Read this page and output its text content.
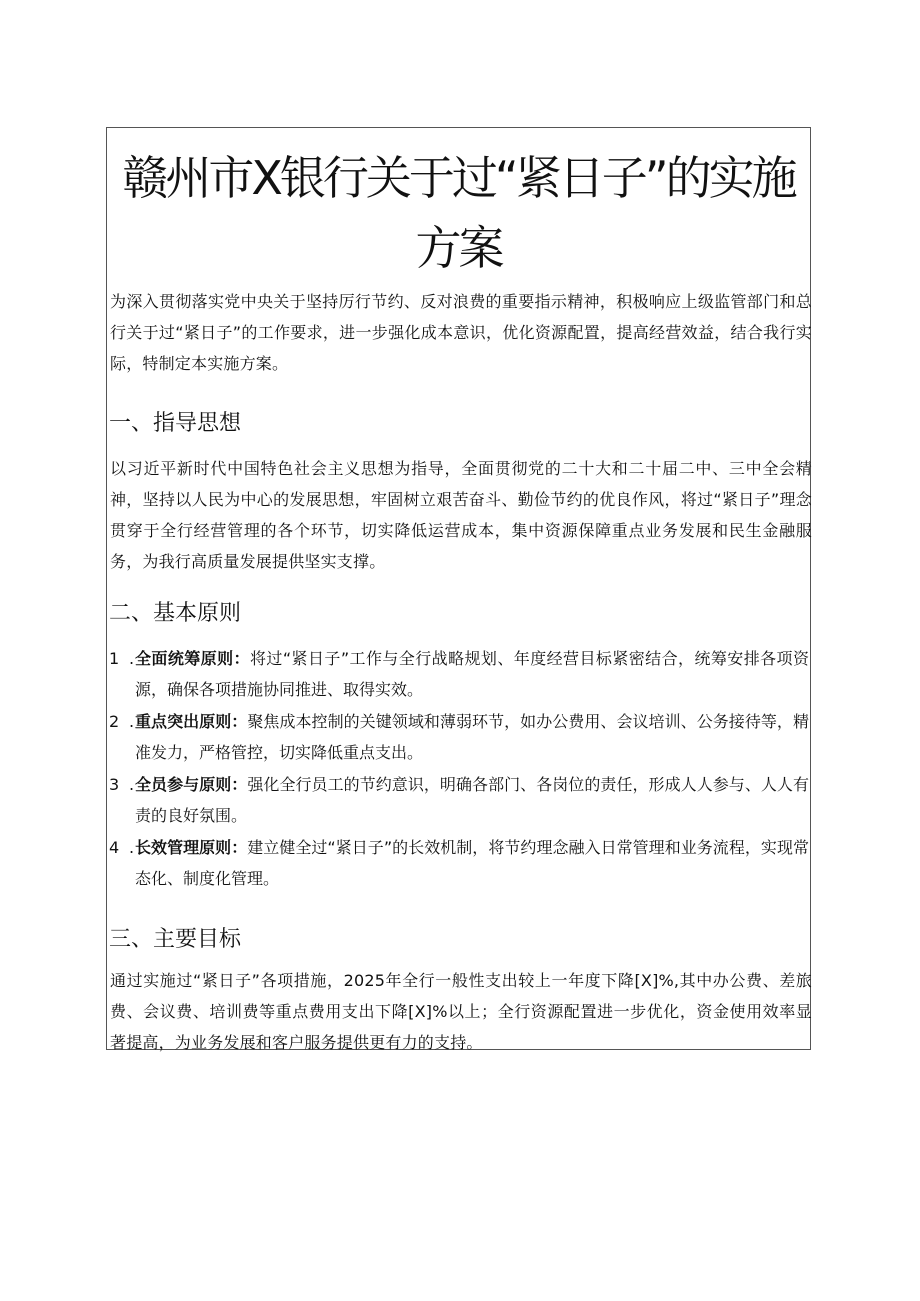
赣州市X银行关于过“紧日子”的实施方案

为深入贯彻落实党中央关于坚持厉行节约、反对浪费的重要指示精神，积极响应上级监管部门和总行关于过“紧日子”的工作要求，进一步强化成本意识，优化资源配置，提高经营效益，结合我行实际，特制定本实施方案。

一、指导思想

以习近平新时代中国特色社会主义思想为指导，全面贯彻党的二十大和二十届二中、三中全会精神，坚持以人民为中心的发展思想，牢固树立艰苦奋斗、勤俭节约的优良作风，将过“紧日子”理念贯穿于全行经营管理的各个环节，切实降低运营成本，集中资源保障重点业务发展和民生金融服务，为我行高质量发展提供坚实支撑。

二、基本原则
1 . 全面统筹原则：将过“紧日子”工作与全行战略规划、年度经营目标紧密结合，统筹安排各项资源，确保各项措施协同推进、取得实效。
2 . 重点突出原则：聚焦成本控制的关键领域和薄弱环节，如办公费用、会议培训、公务接待等，精准发力，严格管控，切实降低重点支出。
3 . 全员参与原则：强化全行员工的节约意识，明确各部门、各岗位的责任，形成人人参与、人人有责的良好氛围。
4 . 长效管理原则：建立健全过“紧日子”的长效机制，将节约理念融入日常管理和业务流程，实现常态化、制度化管理。
三、主要目标

通过实施过“紧日子”各项措施，2025年全行一般性支出较上一年度下降[X]%,其中办公费、差旅费、会议费、培训费等重点费用支出下降[X]%以上；全行资源配置进一步优化，资金使用效率显著提高，为业务发展和客户服务提供更有力的支持。
